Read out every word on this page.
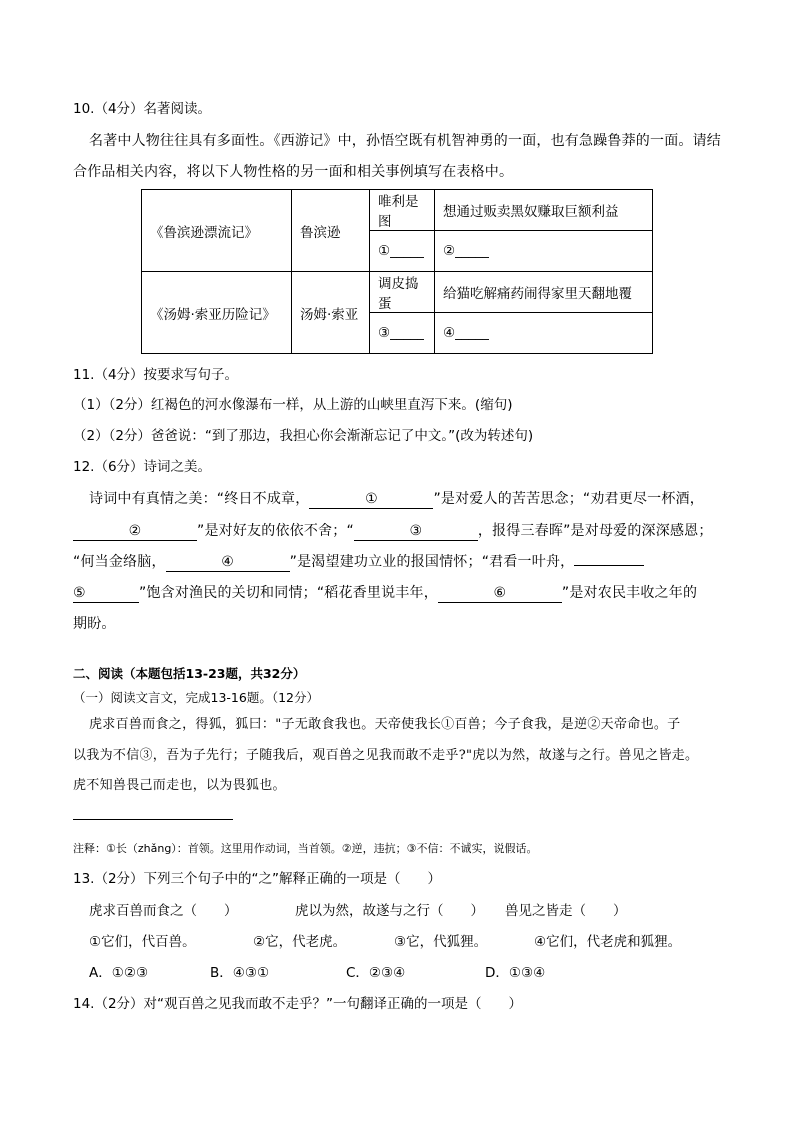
10.（4分）名著阅读。
名著中人物往往具有多面性。《西游记》中，孙悟空既有机智神勇的一面，也有急躁鲁莽的一面。请结
合作品相关内容，将以下人物性格的另一面和相关事例填写在表格中。
《鲁滨逊漂流记》	鲁滨逊	唯利是图	想通过贩卖黑奴赚取巨额利益
		①_____	②_____
《汤姆·索亚历险记》	汤姆·索亚	调皮捣蛋	给猫吃解痛药闹得家里天翻地覆
		③_____	④_____
11.（4分）按要求写句子。
（1）（2分）红褐色的河水像瀑布一样，从上游的山峡里直泻下来。(缩句)
（2）（2分）爸爸说：“到了那边，我担心你会渐渐忘记了中文。”(改为转述句)
12.（6分）诗词之美。
诗词中有真情之美：“终日不成章，	①	”是对爱人的苦苦思念；“劝君更尽一杯酒，
②	”是对好友的依依不舍；“	③	，报得三春晖”是对母爱的深深感恩；
“何当金络脑，	④	”是渴望建功立业的报国情怀；“君看一叶舟，
⑤	”饱含对渔民的关切和同情；“稻花香里说丰年，	⑥	”是对农民丰收之年的
期盼。
二、阅读（本题包括13-23题，共32分）
（一）阅读文言文，完成13-16题。（12分）
虎求百兽而食之，得狐，狐曰："子无敢食我也。天帝使我长①百兽；今子食我，是逆②天帝命也。子
以我为不信③，吾为子先行；子随我后，观百兽之见我而敢不走乎?"虎以为然，故遂与之行。兽见之皆走。
虎不知兽畏己而走也，以为畏狐也。
注释：①长（zhǎng）：首领。这里用作动词，当首领。②逆，违抗；③不信：不诚实，说假话。
13.（2分）下列三个句子中的“之”解释正确的一项是（　　）
虎求百兽而食之（　　）	虎以为然，故遂与之行（　　） 兽见之皆走（　　）
①它们，代百兽。	②它，代老虎。	③它，代狐狸。	④它们，代老虎和狐狸。
A．①②③	B．④③①	C．②③④	D．①③④
14.（2分）对“观百兽之见我而敢不走乎？”一句翻译正确的一项是（　　）
